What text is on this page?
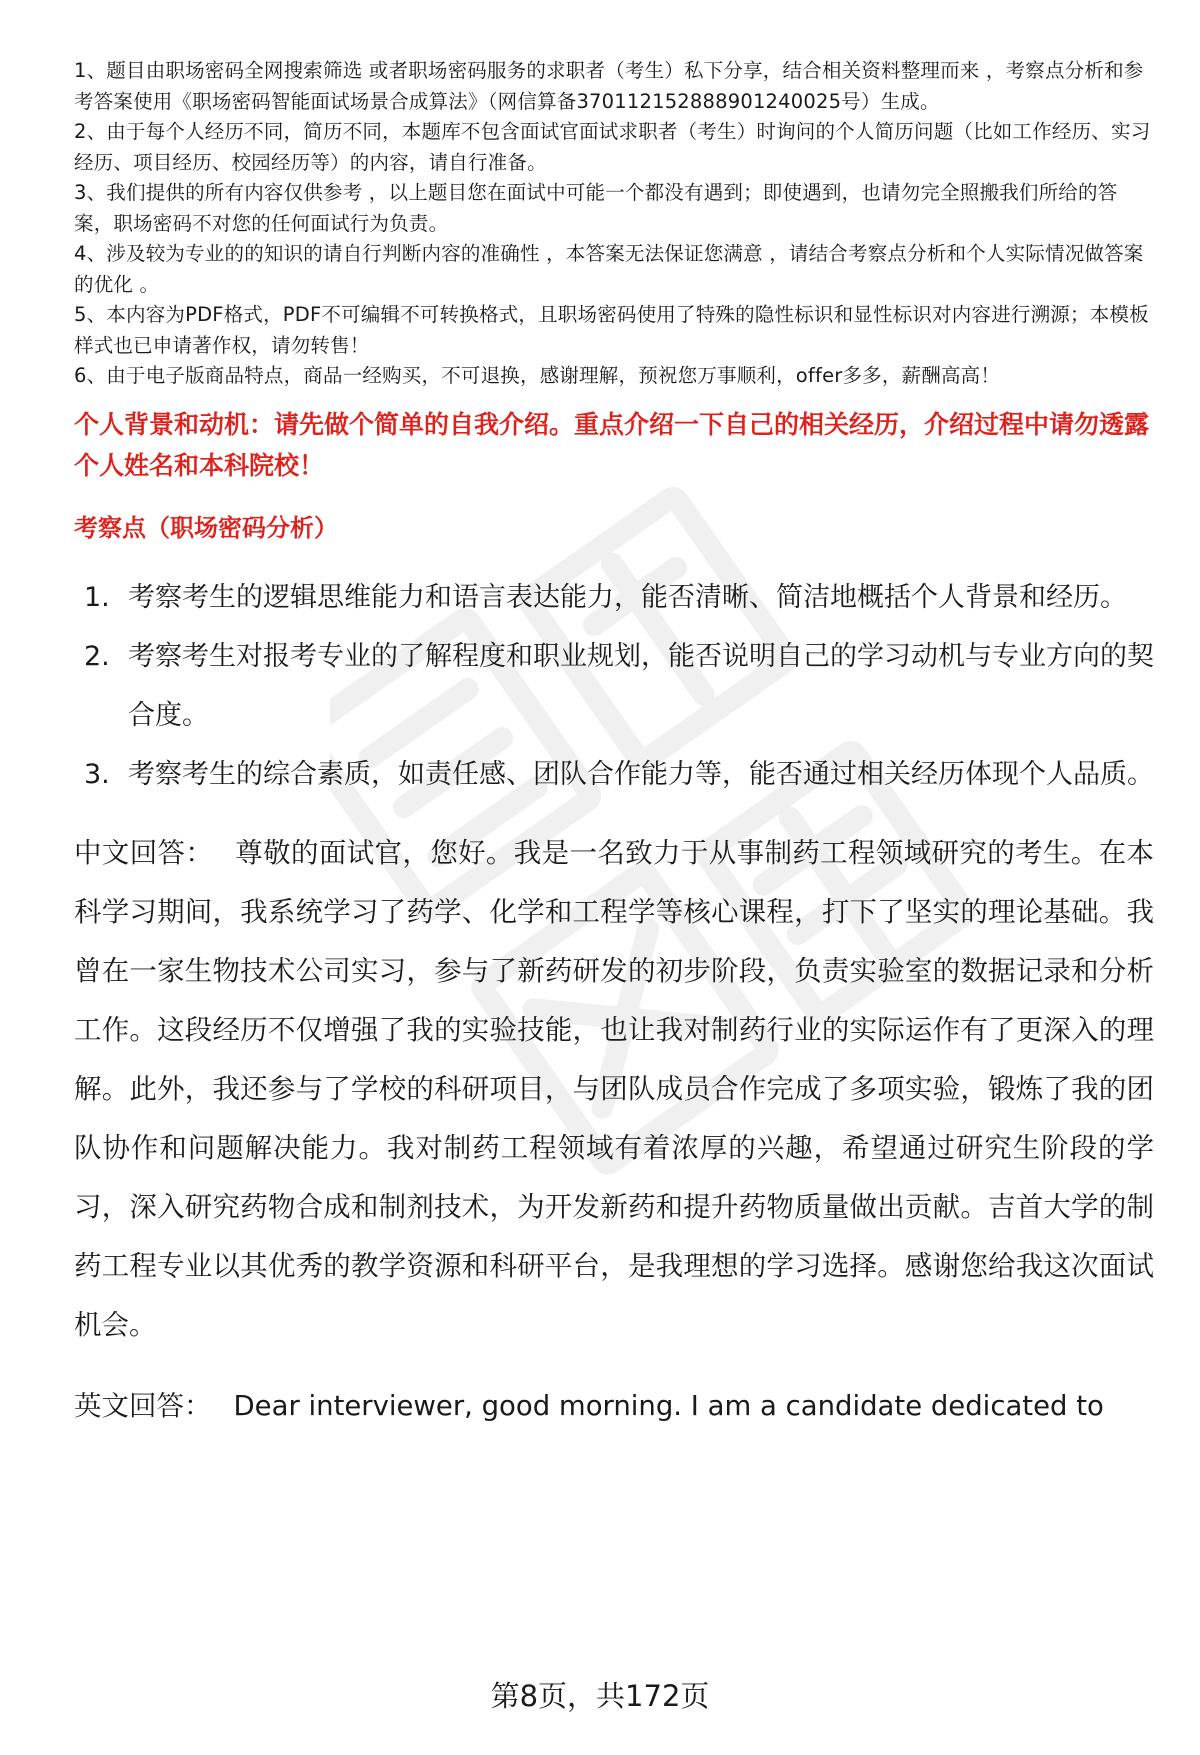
1、题目由职场密码全网搜索筛选 或者职场密码服务的求职者（考生）私下分享，结合相关资料整理而来 ，考察点分析和参考答案使用《职场密码智能面试场景合成算法》（网信算备370112152888901240025号）生成。
2、由于每个人经历不同，简历不同，本题库不包含面试官面试求职者（考生）时询问的个人简历问题（比如工作经历、实习经历、项目经历、校园经历等）的内容，请自行准备。
3、我们提供的所有内容仅供参考 ，以上题目您在面试中可能一个都没有遇到；即使遇到，也请勿完全照搬我们所给的答案，职场密码不对您的任何面试行为负责。
4、涉及较为专业的的知识的请自行判断内容的准确性 ，本答案无法保证您满意 ，请结合考察点分析和个人实际情况做答案的优化 。
5、本内容为PDF格式，PDF不可编辑不可转换格式，且职场密码使用了特殊的隐性标识和显性标识对内容进行溯源；本模板样式也已申请著作权，请勿转售！
6、由于电子版商品特点，商品一经购买，不可退换，感谢理解，预祝您万事顺利，offer多多，薪酬高高！
个人背景和动机：请先做个简单的自我介绍。重点介绍一下自己的相关经历，介绍过程中请勿透露个人姓名和本科院校！
考察点（职场密码分析）
1. 考察考生的逻辑思维能力和语言表达能力，能否清晰、简洁地概括个人背景和经历。
2. 考察考生对报考专业的了解程度和职业规划，能否说明自己的学习动机与专业方向的契合度。
3. 考察考生的综合素质，如责任感、团队合作能力等，能否通过相关经历体现个人品质。
中文回答： 尊敬的面试官，您好。我是一名致力于从事制药工程领域研究的考生。在本科学习期间，我系统学习了药学、化学和工程学等核心课程，打下了坚实的理论基础。我曾在一家生物技术公司实习，参与了新药研发的初步阶段，负责实验室的数据记录和分析工作。这段经历不仅增强了我的实验技能，也让我对制药行业的实际运作有了更深入的理解。此外，我还参与了学校的科研项目，与团队成员合作完成了多项实验，锻炼了我的团队协作和问题解决能力。我对制药工程领域有着浓厚的兴趣，希望通过研究生阶段的学习，深入研究药物合成和制剂技术，为开发新药和提升药物质量做出贡献。吉首大学的制药工程专业以其优秀的教学资源和科研平台，是我理想的学习选择。感谢您给我这次面试机会。
英文回答： Dear interviewer, good morning. I am a candidate dedicated to
第8页，共172页
